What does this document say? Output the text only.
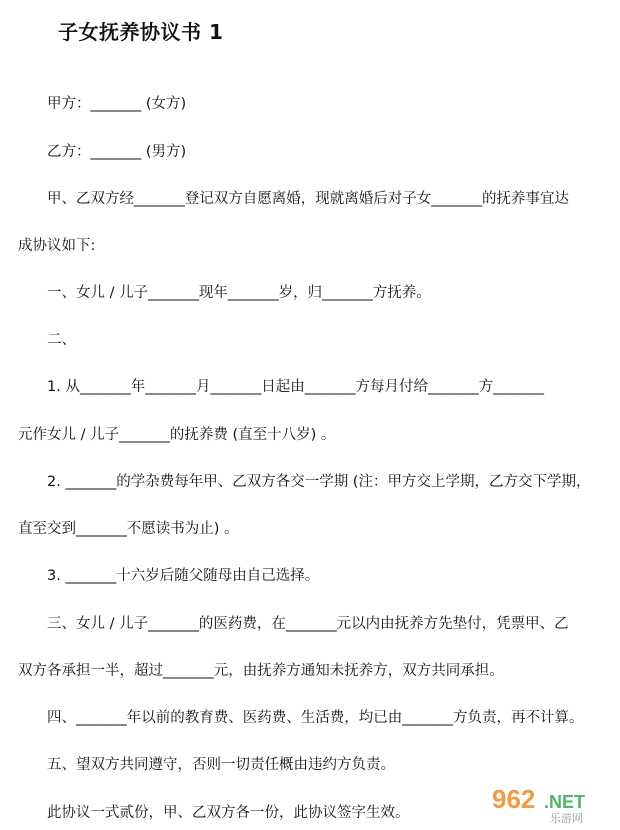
子女抚养协议书 1
甲方：_______ (女方)
乙方：_______ (男方)
甲、乙双方经_______登记双方自愿离婚，现就离婚后对子女_______的抚养事宜达
成协议如下:
一、女儿 / 儿子_______现年_______岁，归_______方抚养。
二、
1. 从_______年_______月_______日起由_______方每月付给_______方_______
元作女儿 / 儿子_______的抚养费 (直至十八岁) 。
2. _______的学杂费每年甲、乙双方各交一学期 (注：甲方交上学期，乙方交下学期，
直至交到_______不愿读书为止) 。
3. _______十六岁后随父随母由自己选择。
三、女儿 / 儿子_______的医药费，在_______元以内由抚养方先垫付，凭票甲、乙
双方各承担一半，超过_______元，由抚养方通知未抚养方，双方共同承担。
四、_______年以前的教育费、医药费、生活费，均已由_______方负责，再不计算。
五、望双方共同遵守，否则一切责任概由违约方负责。
此协议一式贰份，甲、乙双方各一份，此协议签字生效。	962 .NET
乐游网
